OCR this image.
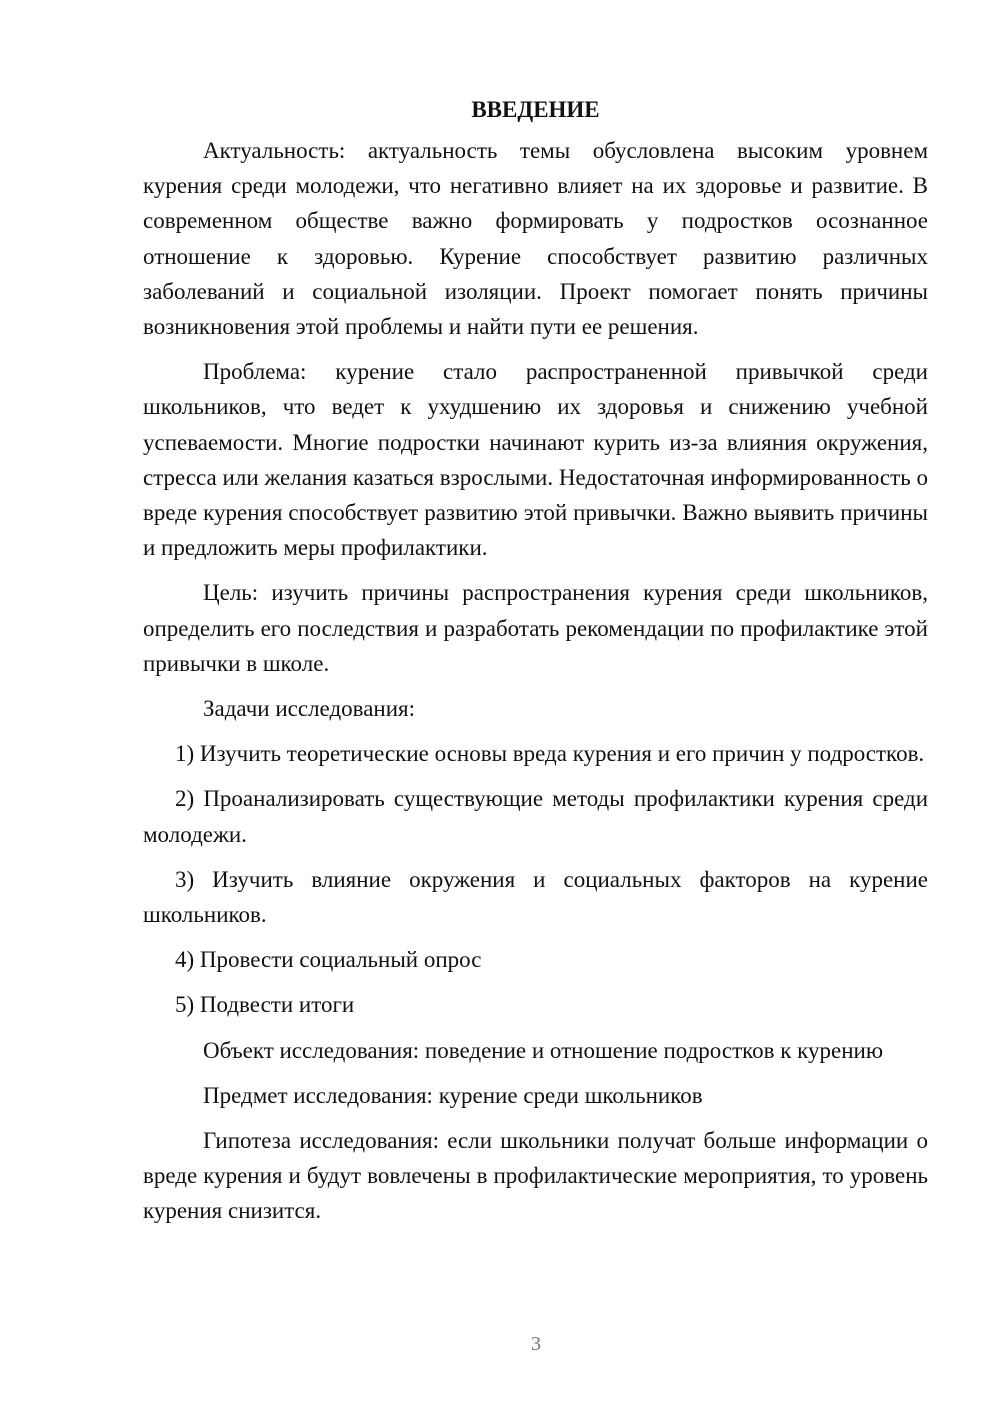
ВВЕДЕНИЕ

Актуальность: актуальность темы обусловлена высоким уровнем курения среди молодежи, что негативно влияет на их здоровье и развитие. В современном обществе важно формировать у подростков осознанное отношение к здоровью. Курение способствует развитию различных заболеваний и социальной изоляции. Проект помогает понять причины возникновения этой проблемы и найти пути ее решения.

Проблема: курение стало распространенной привычкой среди школьников, что ведет к ухудшению их здоровья и снижению учебной успеваемости. Многие подростки начинают курить из-за влияния окружения, стресса или желания казаться взрослыми. Недостаточная информированность о вреде курения способствует развитию этой привычки. Важно выявить причины и предложить меры профилактики.

Цель: изучить причины распространения курения среди школьников, определить его последствия и разработать рекомендации по профилактике этой привычки в школе.

Задачи исследования:

1) Изучить теоретические основы вреда курения и его причин у подростков.

2) Проанализировать существующие методы профилактики курения среди молодежи.

3) Изучить влияние окружения и социальных факторов на курение школьников.

4) Провести социальный опрос

5) Подвести итоги

Объект исследования: поведение и отношение подростков к курению

Предмет исследования: курение среди школьников

Гипотеза исследования: если школьники получат больше информации о вреде курения и будут вовлечены в профилактические мероприятия, то уровень курения снизится.

3
